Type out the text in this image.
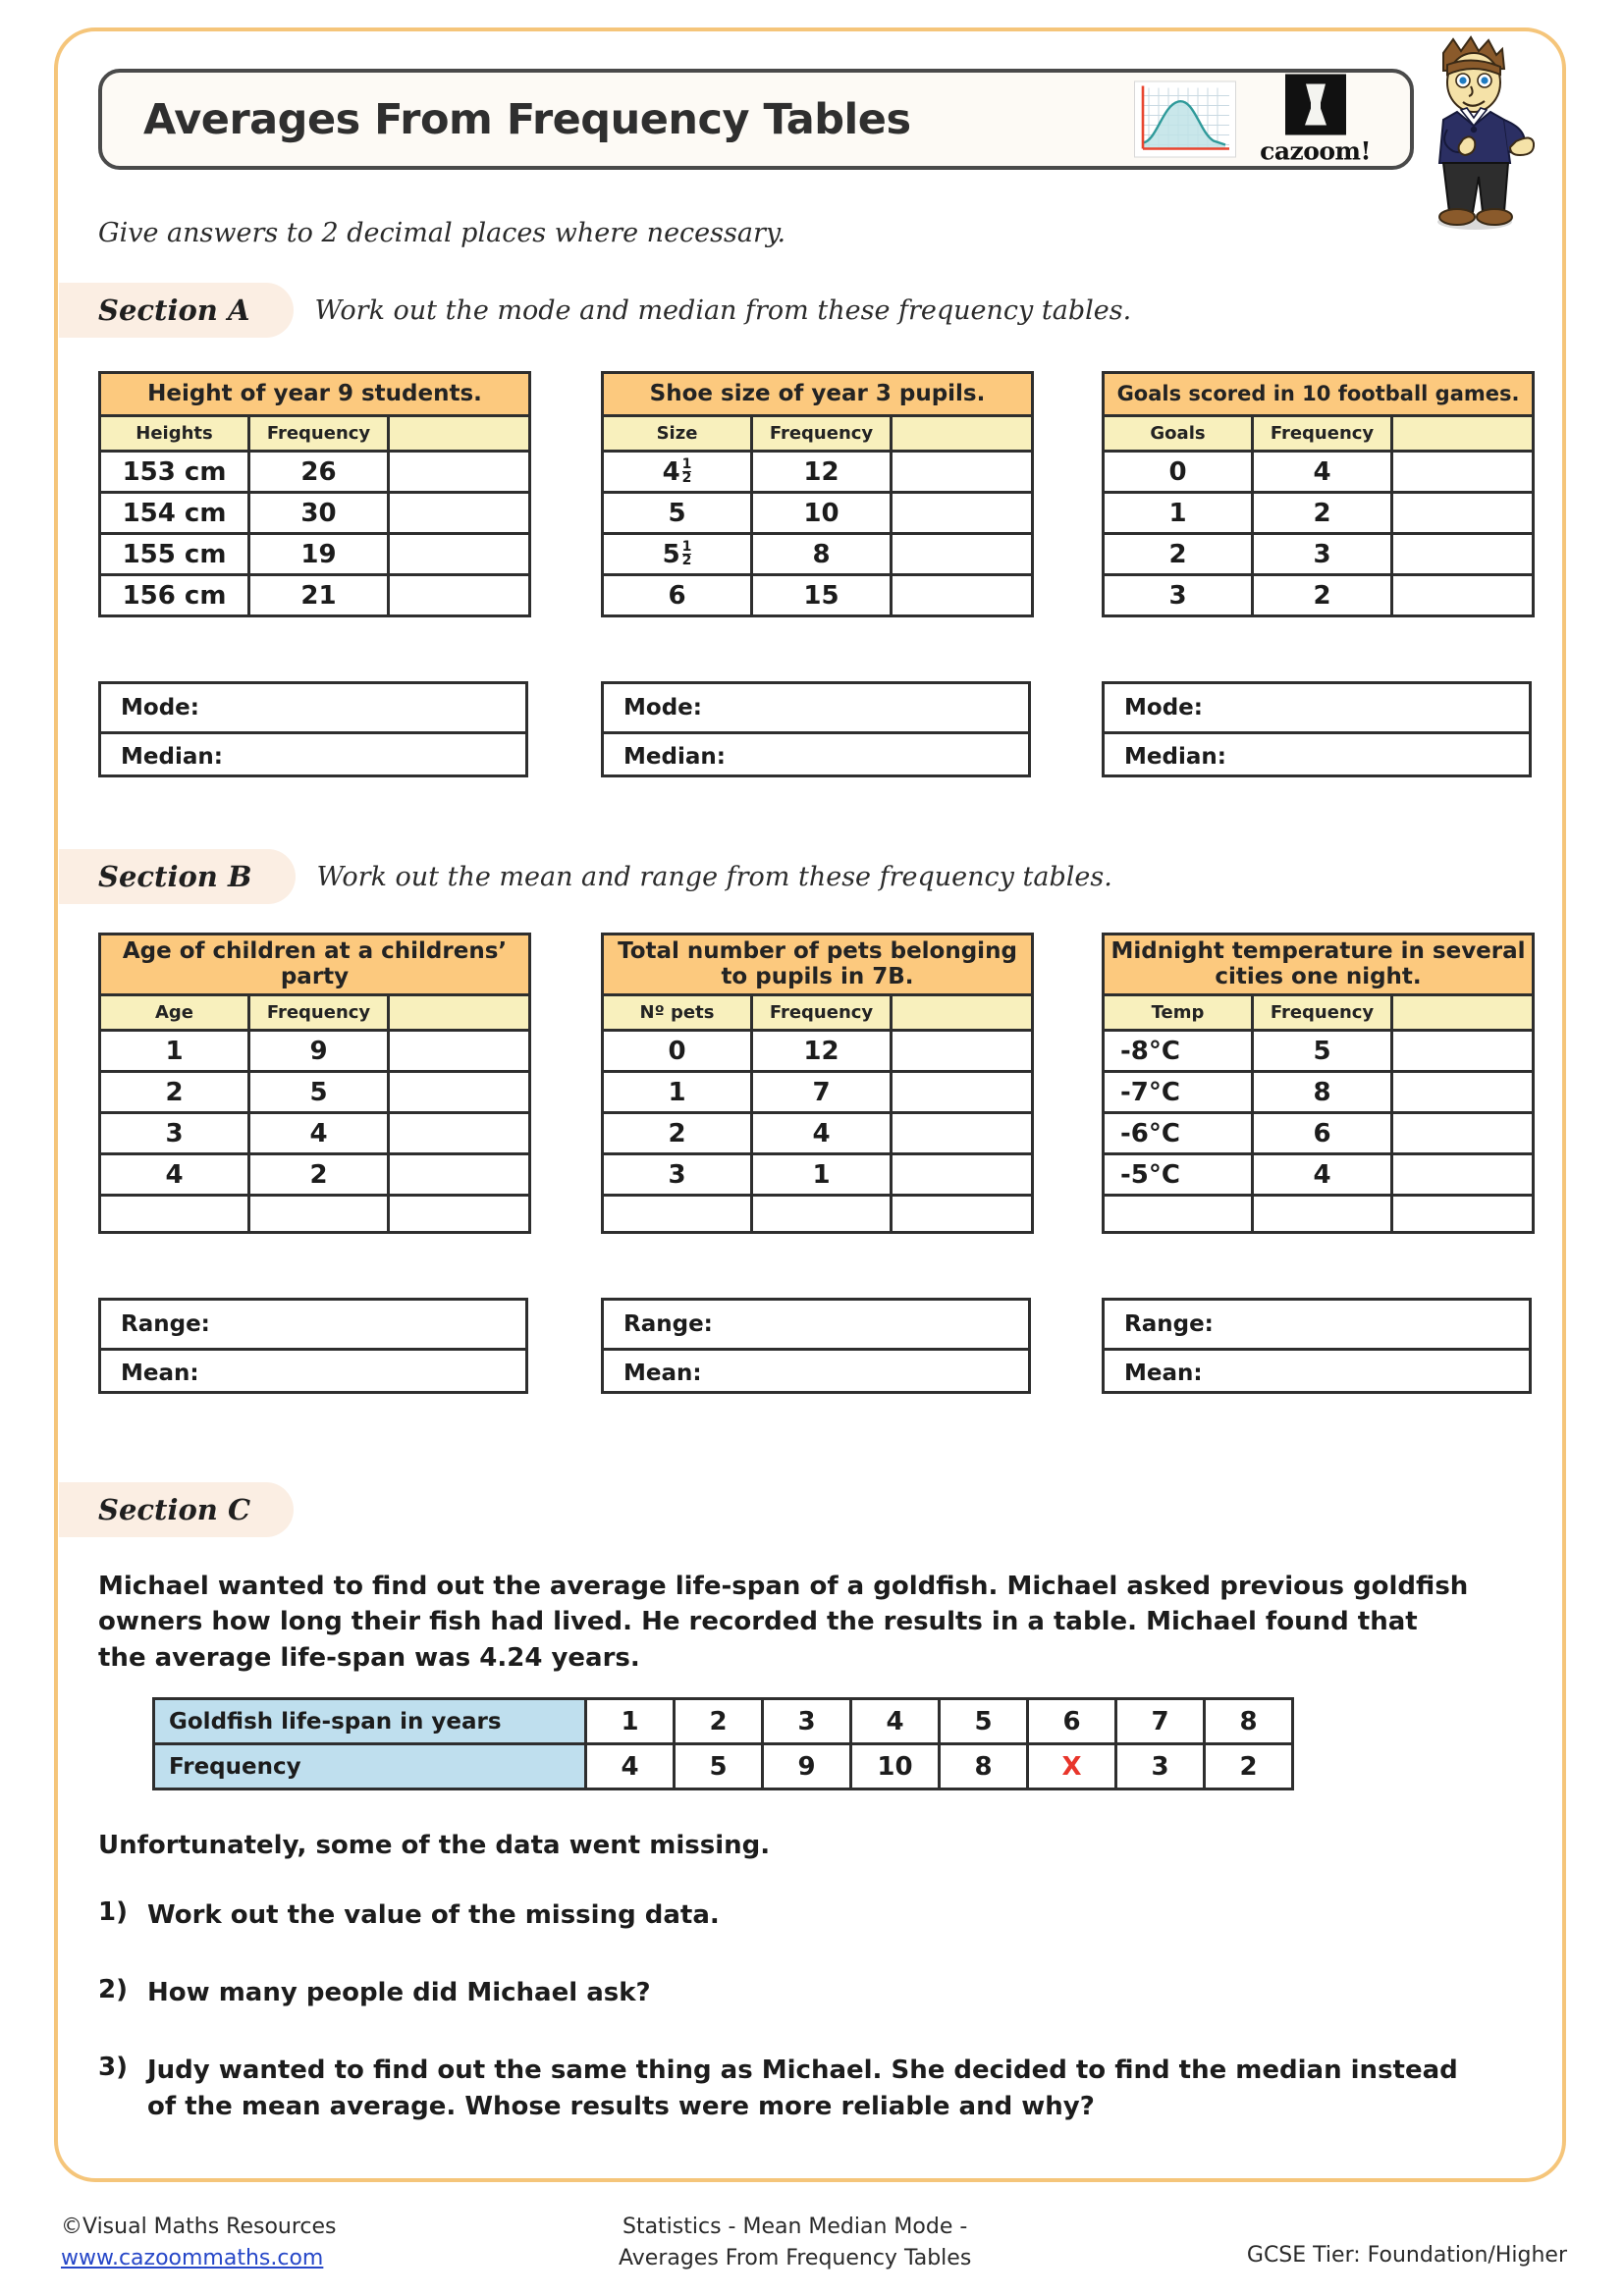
Averages From Frequency Tables
cazoom!
Give answers to 2 decimal places where necessary.
Section A Work out the mode and median from these frequency tables.
Height of year 9 students.		
Heights	Frequency	
153 cm	26	
154 cm	30	
155 cm	19	
156 cm	21	
Mode:
Median:
Shoe size of year 3 pupils.		
Size	Frequency	

$4 \frac{1}{2}$	12	
5	10	

$5 \frac{1}{2}$	8	
6	15	
Mode:
Median:
Goals scored in 10 football games.		
Goals	Frequency	
0	4	
1	2	
2	3	
3	2	
Mode:
Median:
Section B Work out the mean and range from these frequency tables.
Age of children at a childrens’ party		
Age	Frequency	
1	9	
2	5	
3	4	
4	2	

Range:
Mean:
Total number of pets belonging to pupils in 7B.		
Nº pets	Frequency	
0	12	
1	7	
2	4	
3	1	

Range:
Mean:
Midnight temperature in several cities one night.		
Temp	Frequency	
-8°C	5	
-7°C	8	
-6°C	6	
-5°C	4	

Range:
Mean:
Section C
Michael wanted to find out the average life-span of a goldfish. Michael asked previous goldfish owners how long their fish had lived. He recorded the results in a table. Michael found that the average life-span was 4.24 years.
Goldfish life-span in years	1	2	3	4	5	6	7	8
Frequency	4	5	9	10	8	X	3	2
Unfortunately, some of the data went missing.
1) Work out the value of the missing data.
2) How many people did Michael ask?
3) Judy wanted to find out the same thing as Michael. She decided to find the median instead of the mean average. Whose results were more reliable and why?
©Visual Maths Resources
www.cazoommaths.com
Statistics - Mean Median Mode -
Averages From Frequency Tables	GCSE Tier: Foundation/Higher
